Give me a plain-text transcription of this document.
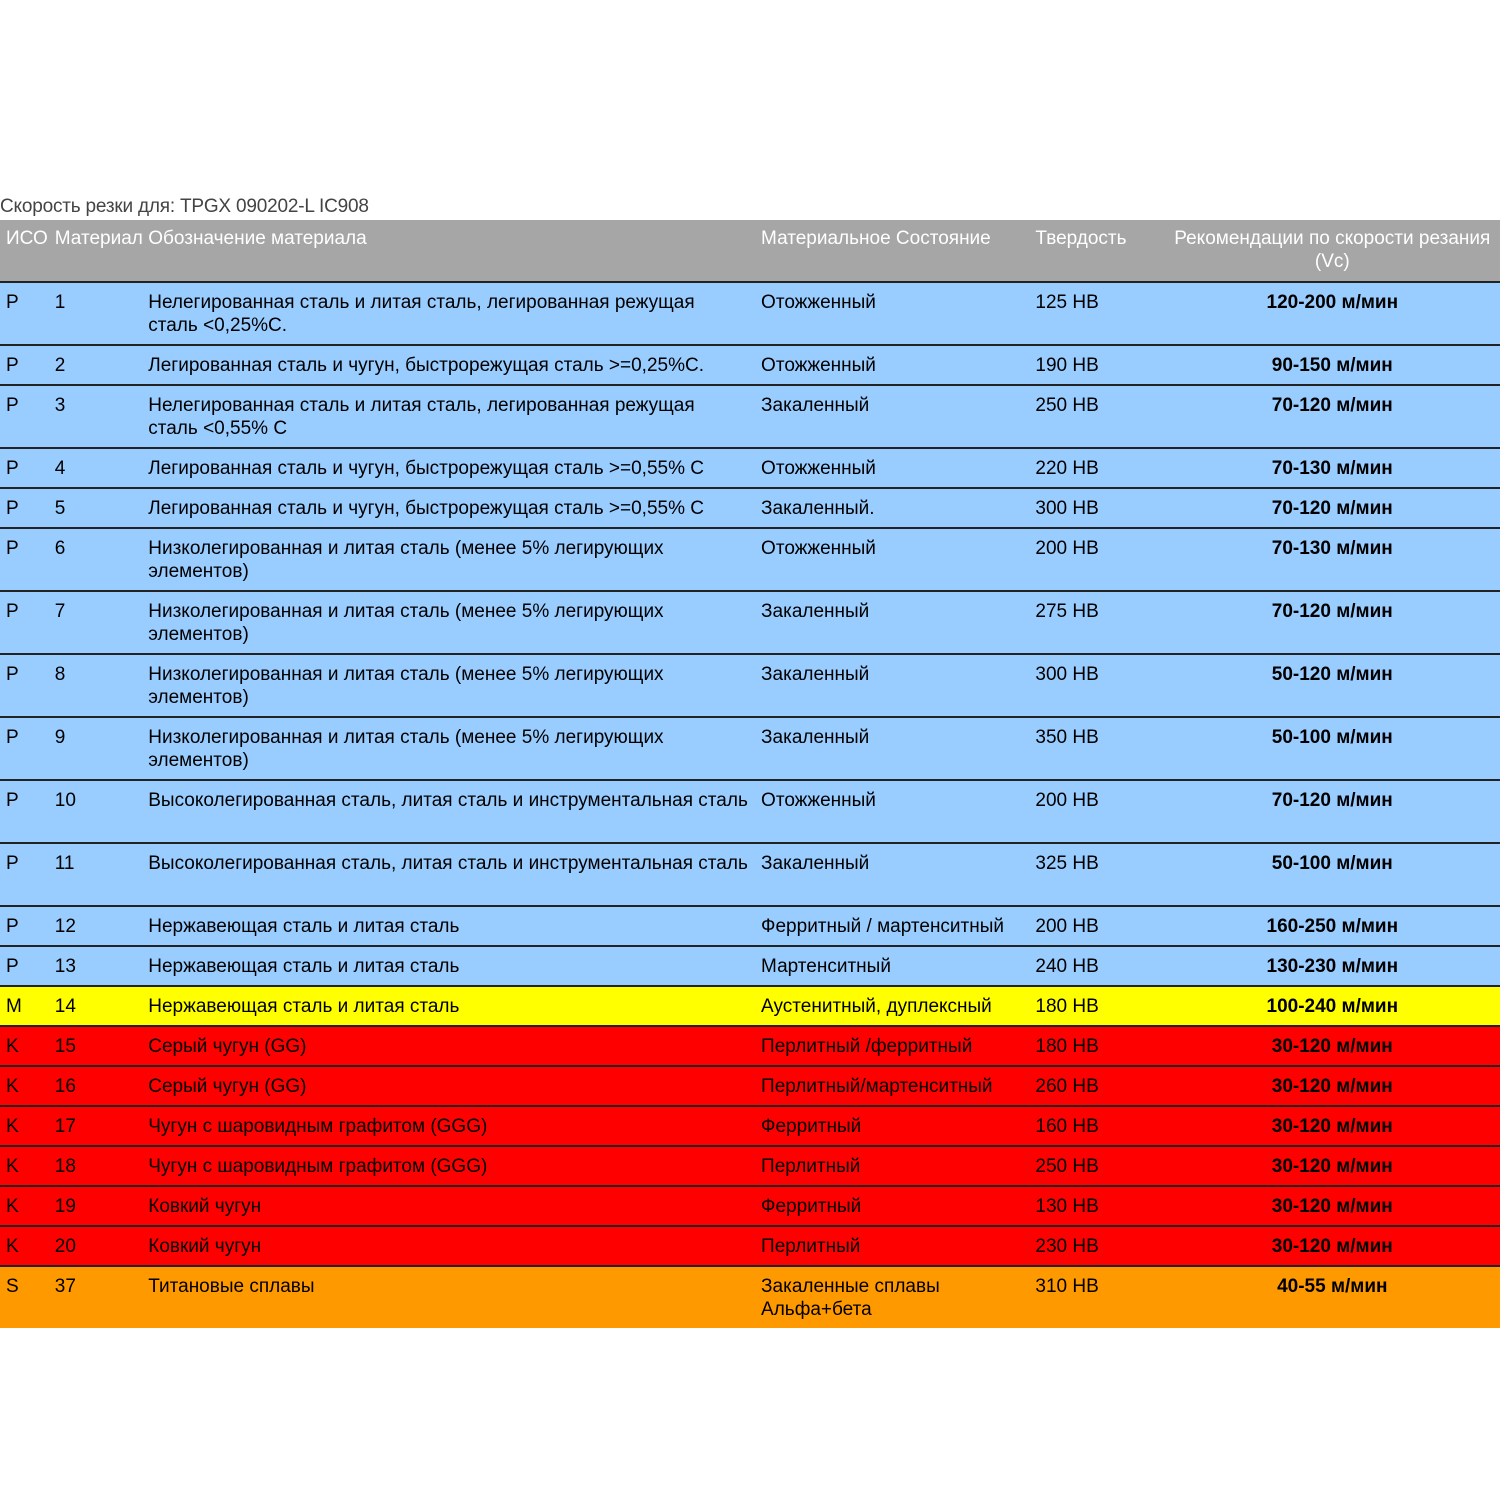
Скорость резки для: TPGX 090202-L IC908
ИСО	Материал	Обозначение материала	Материальное Состояние	Твердость	Рекомендации по скорости резания (Vc)
P	1	Нелегированная сталь и литая сталь, легированная режущая сталь <0,25%C.	Отожженный	125 HB	120-200 м/мин
P	2	Легированная сталь и чугун, быстрорежущая сталь >=0,25%C.	Отожженный	190 HB	90-150 м/мин
P	3	Нелегированная сталь и литая сталь, легированная режущая сталь <0,55% C	Закаленный	250 HB	70-120 м/мин
P	4	Легированная сталь и чугун, быстрорежущая сталь >=0,55% C	Отожженный	220 HB	70-130 м/мин
P	5	Легированная сталь и чугун, быстрорежущая сталь >=0,55% C	Закаленный.	300 HB	70-120 м/мин
P	6	Низколегированная и литая сталь (менее 5% легирующих элементов)	Отожженный	200 HB	70-130 м/мин
P	7	Низколегированная и литая сталь (менее 5% легирующих элементов)	Закаленный	275 HB	70-120 м/мин
P	8	Низколегированная и литая сталь (менее 5% легирующих элементов)	Закаленный	300 HB	50-120 м/мин
P	9	Низколегированная и литая сталь (менее 5% легирующих элементов)	Закаленный	350 HB	50-100 м/мин
P	10	Высоколегированная сталь, литая сталь и инструментальная сталь	Отожженный	200 HB	70-120 м/мин
P	11	Высоколегированная сталь, литая сталь и инструментальная сталь	Закаленный	325 HB	50-100 м/мин
P	12	Нержавеющая сталь и литая сталь	Ферритный / мартенситный	200 HB	160-250 м/мин
P	13	Нержавеющая сталь и литая сталь	Мартенситный	240 HB	130-230 м/мин
M	14	Нержавеющая сталь и литая сталь	Аустенитный, дуплексный	180 HB	100-240 м/мин
K	15	Серый чугун (GG)	Перлитный /ферритный	180 HB	30-120 м/мин
K	16	Серый чугун (GG)	Перлитный/мартенситный	260 HB	30-120 м/мин
K	17	Чугун с шаровидным графитом (GGG)	Ферритный	160 HB	30-120 м/мин
K	18	Чугун с шаровидным графитом (GGG)	Перлитный	250 HB	30-120 м/мин
K	19	Ковкий чугун	Ферритный	130 HB	30-120 м/мин
K	20	Ковкий чугун	Перлитный	230 HB	30-120 м/мин
S	37	Титановые сплавы	Закаленные сплавы Альфа+бета	310 HB	40-55 м/мин
